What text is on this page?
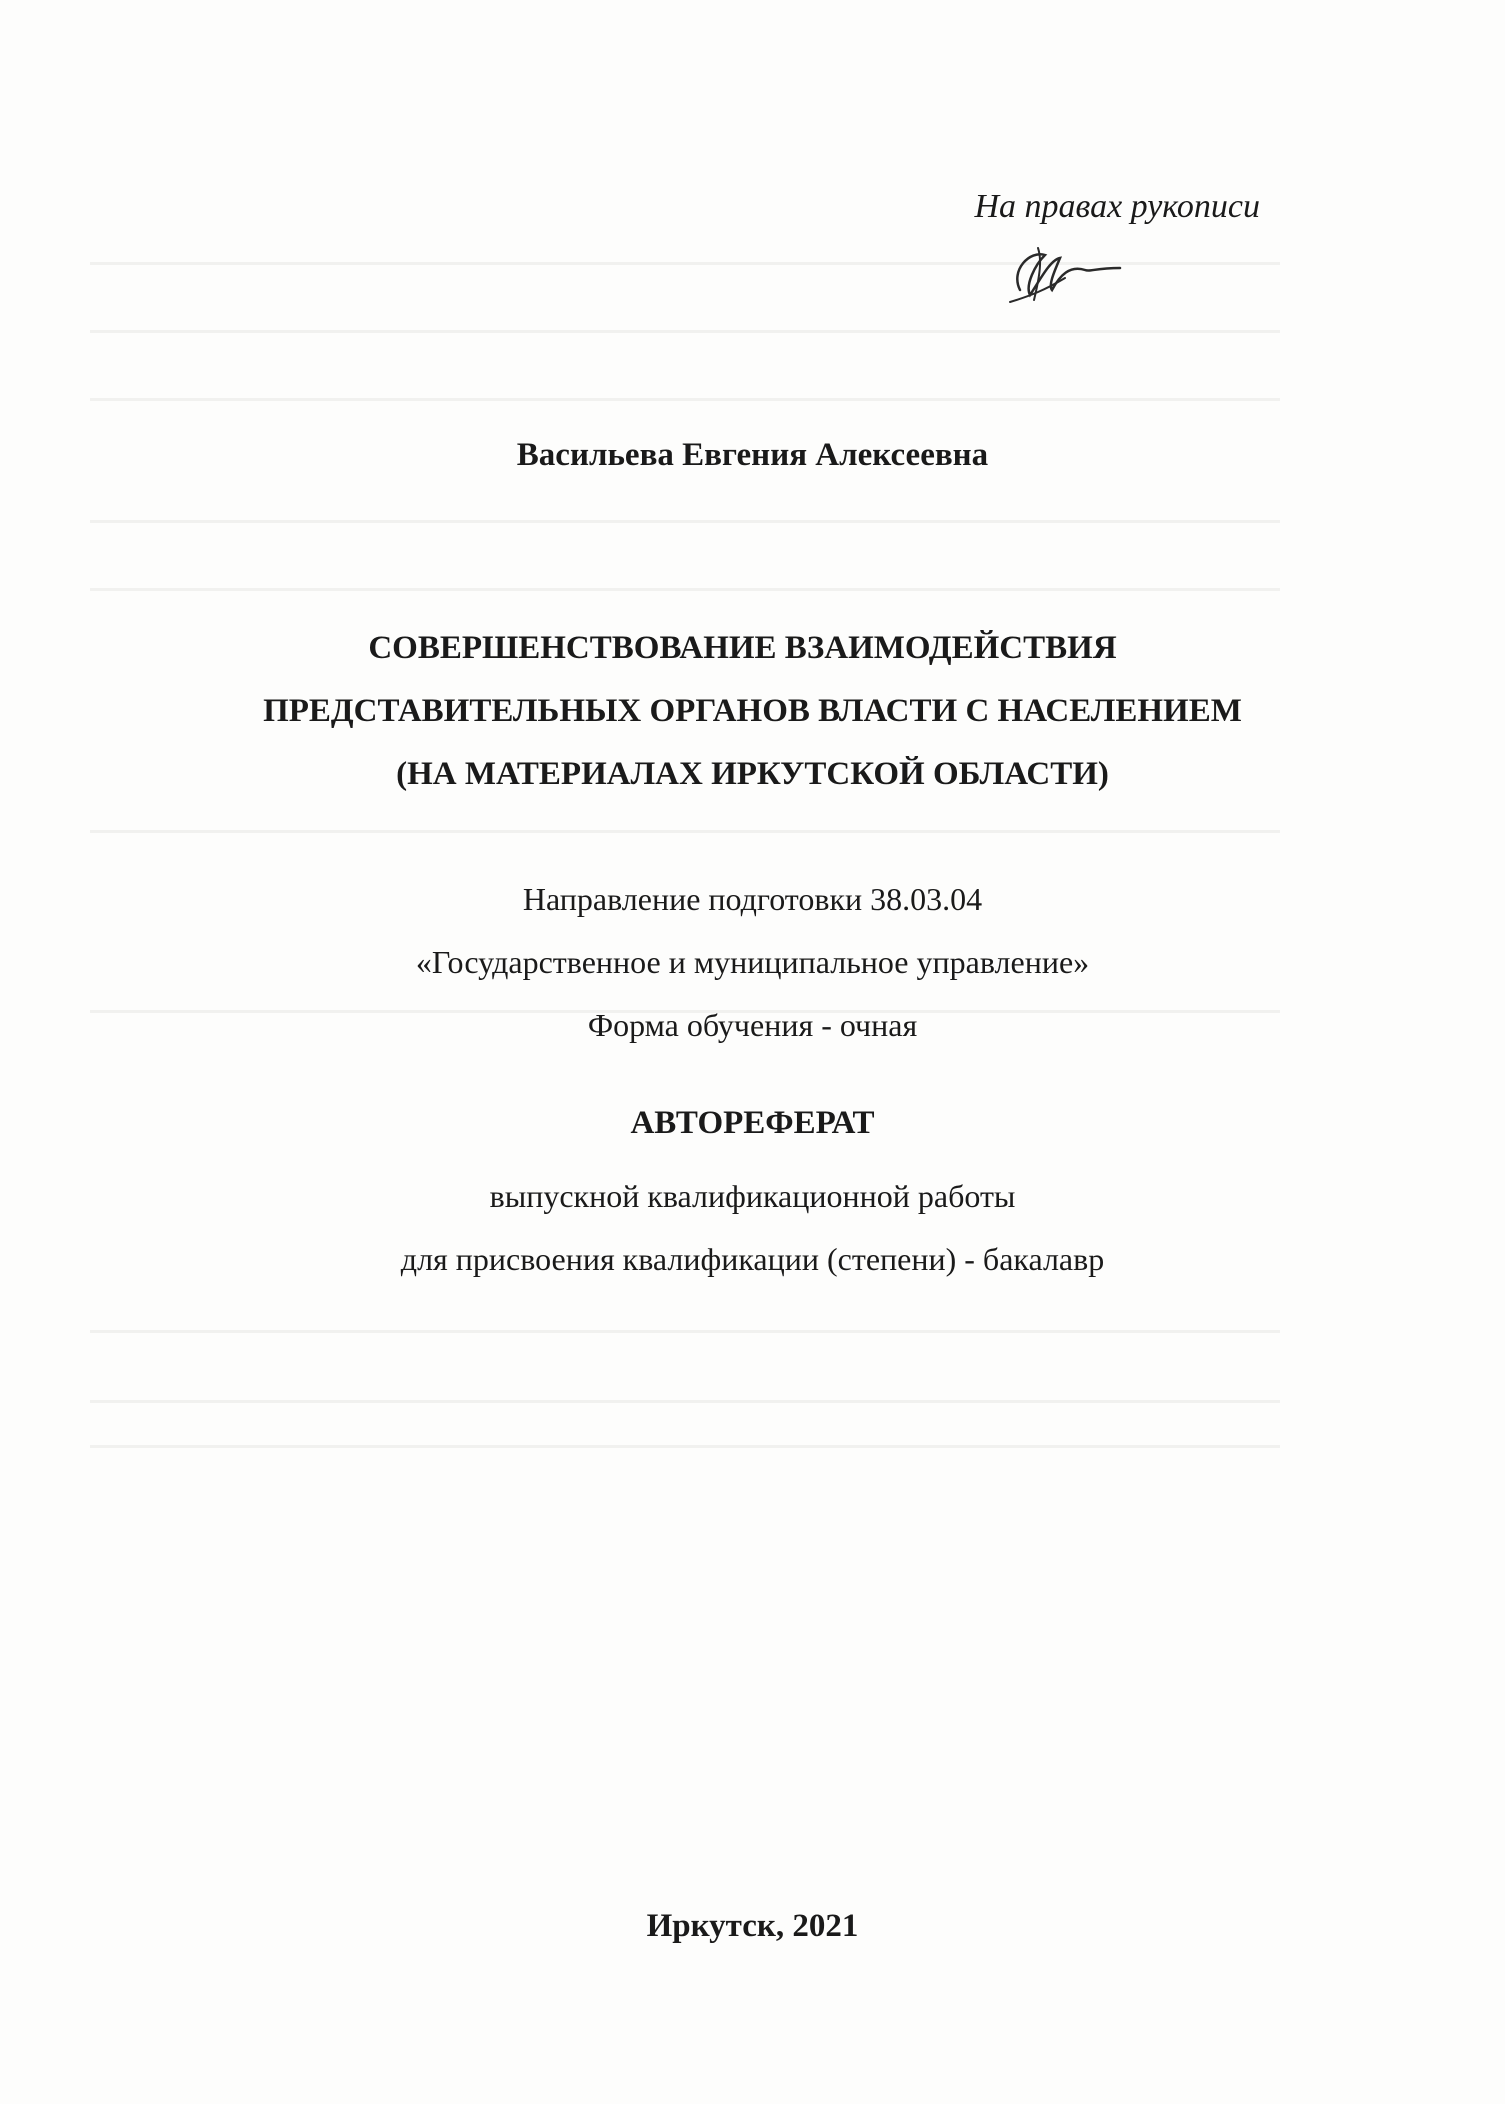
На правах рукописи
Васильева Евгения Алексеевна
СОВЕРШЕНСТВОВАНИЕ ВЗАИМОДЕЙСТВИЯ
ПРЕДСТАВИТЕЛЬНЫХ ОРГАНОВ ВЛАСТИ С НАСЕЛЕНИЕМ
(НА МАТЕРИАЛАХ ИРКУТСКОЙ ОБЛАСТИ)
Направление подготовки 38.03.04
«Государственное и муниципальное управление»
Форма обучения - очная
АВТОРЕФЕРАТ
выпускной квалификационной работы
для присвоения квалификации (степени) - бакалавр
Иркутск, 2021
